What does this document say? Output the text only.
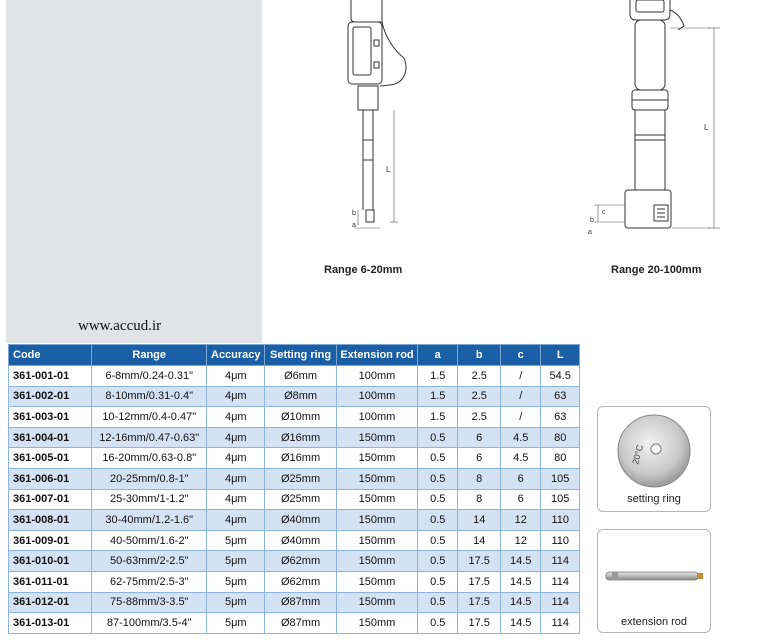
L
b
a
Range 6-20mm
L
c
b
a
Range 20-100mm
www.accud.ir
Code	Range	Accuracy	Setting ring	Extension rod	a	b	c	L
361-001-01	6-8mm/0.24-0.31"	4μm	Ø6mm	100mm	1.5	2.5	/	54.5
361-002-01	8-10mm/0.31-0.4"	4μm	Ø8mm	100mm	1.5	2.5	/	63
361-003-01	10-12mm/0.4-0.47"	4μm	Ø10mm	100mm	1.5	2.5	/	63
361-004-01	12-16mm/0.47-0.63"	4μm	Ø16mm	150mm	0.5	6	4.5	80
361-005-01	16-20mm/0.63-0.8"	4μm	Ø16mm	150mm	0.5	6	4.5	80
361-006-01	20-25mm/0.8-1"	4μm	Ø25mm	150mm	0.5	8	6	105
361-007-01	25-30mm/1-1.2"	4μm	Ø25mm	150mm	0.5	8	6	105
361-008-01	30-40mm/1.2-1.6"	4μm	Ø40mm	150mm	0.5	14	12	110
361-009-01	40-50mm/1.6-2"	5μm	Ø40mm	150mm	0.5	14	12	110
361-010-01	50-63mm/2-2.5"	5μm	Ø62mm	150mm	0.5	17.5	14.5	114
361-011-01	62-75mm/2.5-3"	5μm	Ø62mm	150mm	0.5	17.5	14.5	114
361-012-01	75-88mm/3-3.5"	5μm	Ø87mm	150mm	0.5	17.5	14.5	114
361-013-01	87-100mm/3.5-4"	5μm	Ø87mm	150mm	0.5	17.5	14.5	114
20°C
setting ring
extension rod
